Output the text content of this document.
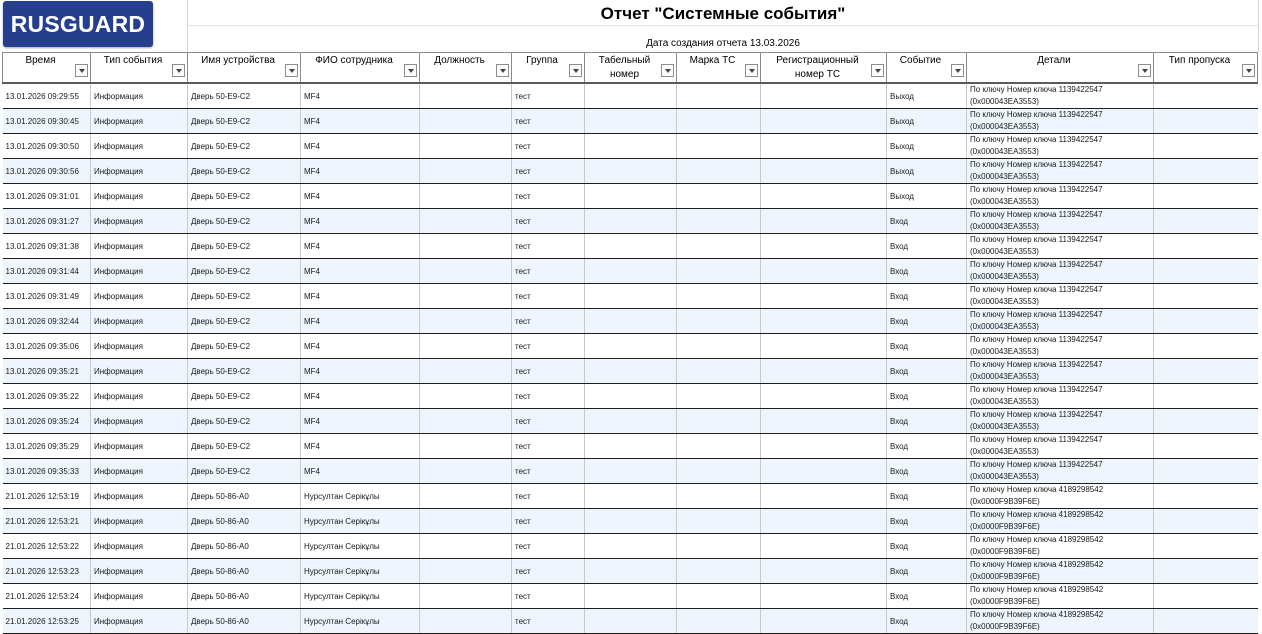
RUSGUARD	Отчет "Системные события"
Дата создания отчета 13.03.2026
Время	Тип события	Имя устройства	ФИО сотрудника	Должность	Группа	Табельный номер	Марка ТС	Регистрационный номер ТС	Событие	Детали	Тип пропуска

13.01.2026 09:29:55	Информация	Дверь 50-E9-C2	MF4		тест				Выход	По ключу Номер ключа 1139422547 (0x000043EA3553)	
13.01.2026 09:30:45	Информация	Дверь 50-E9-C2	MF4		тест				Выход	По ключу Номер ключа 1139422547 (0x000043EA3553)	
13.01.2026 09:30:50	Информация	Дверь 50-E9-C2	MF4		тест				Выход	По ключу Номер ключа 1139422547 (0x000043EA3553)	
13.01.2026 09:30:56	Информация	Дверь 50-E9-C2	MF4		тест				Выход	По ключу Номер ключа 1139422547 (0x000043EA3553)	
13.01.2026 09:31:01	Информация	Дверь 50-E9-C2	MF4		тест				Выход	По ключу Номер ключа 1139422547 (0x000043EA3553)	
13.01.2026 09:31:27	Информация	Дверь 50-E9-C2	MF4		тест				Вход	По ключу Номер ключа 1139422547 (0x000043EA3553)	
13.01.2026 09:31:38	Информация	Дверь 50-E9-C2	MF4		тест				Вход	По ключу Номер ключа 1139422547 (0x000043EA3553)	
13.01.2026 09:31:44	Информация	Дверь 50-E9-C2	MF4		тест				Вход	По ключу Номер ключа 1139422547 (0x000043EA3553)	
13.01.2026 09:31:49	Информация	Дверь 50-E9-C2	MF4		тест				Вход	По ключу Номер ключа 1139422547 (0x000043EA3553)	
13.01.2026 09:32:44	Информация	Дверь 50-E9-C2	MF4		тест				Вход	По ключу Номер ключа 1139422547 (0x000043EA3553)	
13.01.2026 09:35:06	Информация	Дверь 50-E9-C2	MF4		тест				Вход	По ключу Номер ключа 1139422547 (0x000043EA3553)	
13.01.2026 09:35:21	Информация	Дверь 50-E9-C2	MF4		тест				Вход	По ключу Номер ключа 1139422547 (0x000043EA3553)	
13.01.2026 09:35:22	Информация	Дверь 50-E9-C2	MF4		тест				Вход	По ключу Номер ключа 1139422547 (0x000043EA3553)	
13.01.2026 09:35:24	Информация	Дверь 50-E9-C2	MF4		тест				Вход	По ключу Номер ключа 1139422547 (0x000043EA3553)	
13.01.2026 09:35:29	Информация	Дверь 50-E9-C2	MF4		тест				Вход	По ключу Номер ключа 1139422547 (0x000043EA3553)	
13.01.2026 09:35:33	Информация	Дверь 50-E9-C2	MF4		тест				Вход	По ключу Номер ключа 1139422547 (0x000043EA3553)	
21.01.2026 12:53:19	Информация	Дверь 50-86-A0	Нурсултан Серікұлы		тест				Вход	По ключу Номер ключа 4189298542 (0x0000F9B39F6E)	
21.01.2026 12:53:21	Информация	Дверь 50-86-A0	Нурсултан Серікұлы		тест				Вход	По ключу Номер ключа 4189298542 (0x0000F9B39F6E)	
21.01.2026 12:53:22	Информация	Дверь 50-86-A0	Нурсултан Серікұлы		тест				Вход	По ключу Номер ключа 4189298542 (0x0000F9B39F6E)	
21.01.2026 12:53:23	Информация	Дверь 50-86-A0	Нурсултан Серікұлы		тест				Вход	По ключу Номер ключа 4189298542 (0x0000F9B39F6E)	
21.01.2026 12:53:24	Информация	Дверь 50-86-A0	Нурсултан Серікұлы		тест				Вход	По ключу Номер ключа 4189298542 (0x0000F9B39F6E)	
21.01.2026 12:53:25	Информация	Дверь 50-86-A0	Нурсултан Серікұлы		тест				Вход	По ключу Номер ключа 4189298542 (0x0000F9B39F6E)	
